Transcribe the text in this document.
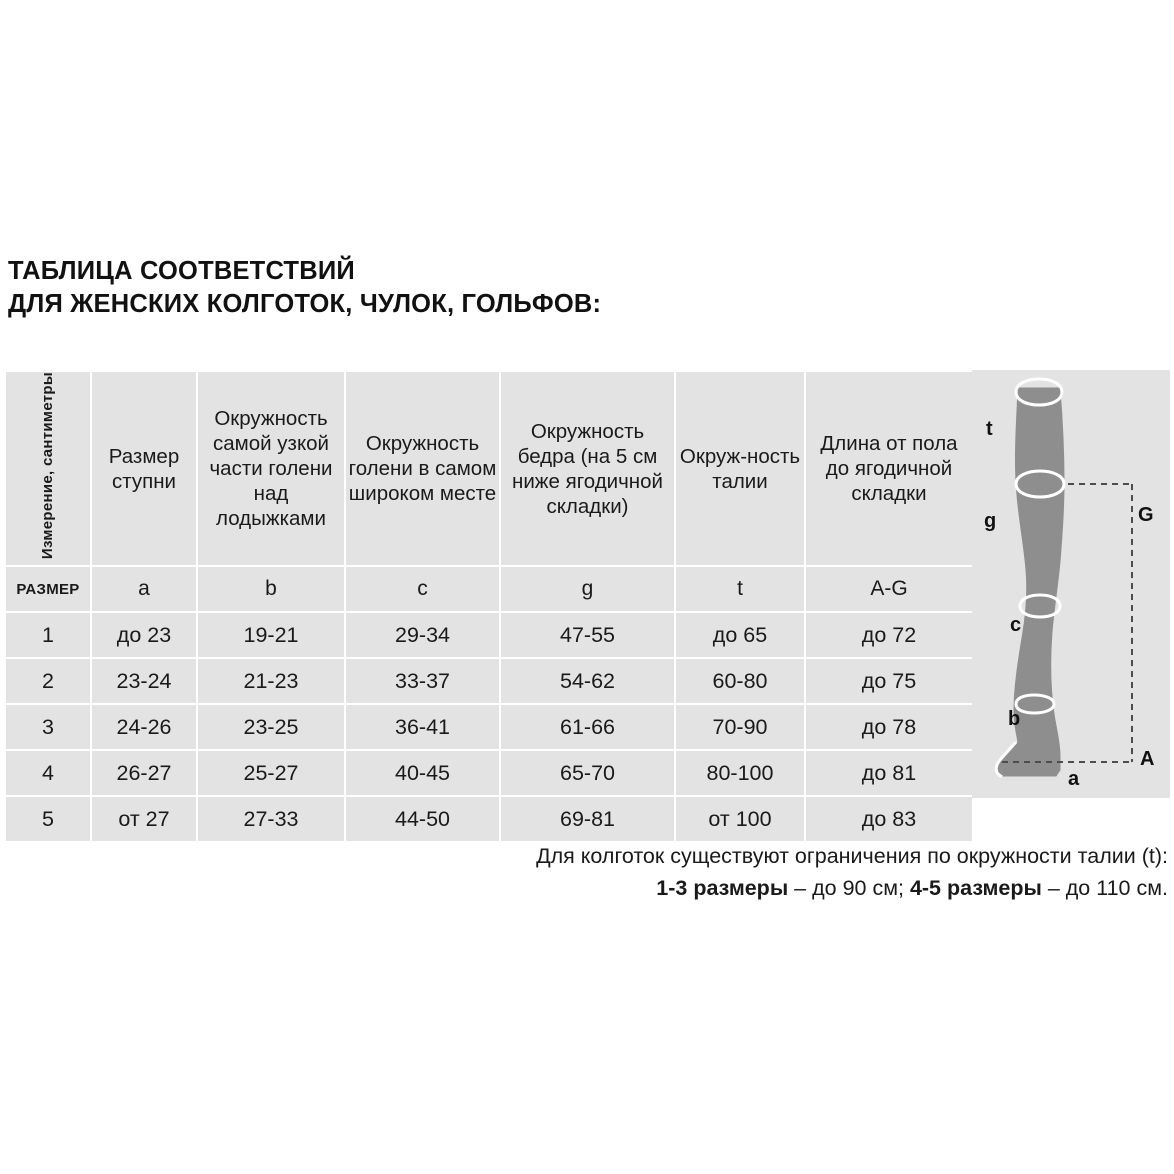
ТАБЛИЦА СООТВЕТСТВИЙ
ДЛЯ ЖЕНСКИХ КОЛГОТОК, ЧУЛОК, ГОЛЬФОВ:
Измерение, сантиметры	Размер ступни	Окружность самой узкой части голени над лодыжками	Окружность голени в самом широком месте	Окружность бедра (на 5 см ниже ягодичной складки)	Окруж-ность талии	Длина от пола до ягодичной складки
РАЗМЕР	a	b	c	g	t	A-G
1	до 23	19-21	29-34	47-55	до 65	до 72
2	23-24	21-23	33-37	54-62	60-80	до 75
3	24-26	23-25	36-41	61-66	70-90	до 78
4	26-27	25-27	40-45	65-70	80-100	до 81
5	от 27	27-33	44-50	69-81	от 100	до 83
t
g	G
c
b
a
A
Для колготок существуют ограничения по окружности талии (t):
1-3 размеры – до 90 см; 4-5 размеры – до 110 см.
